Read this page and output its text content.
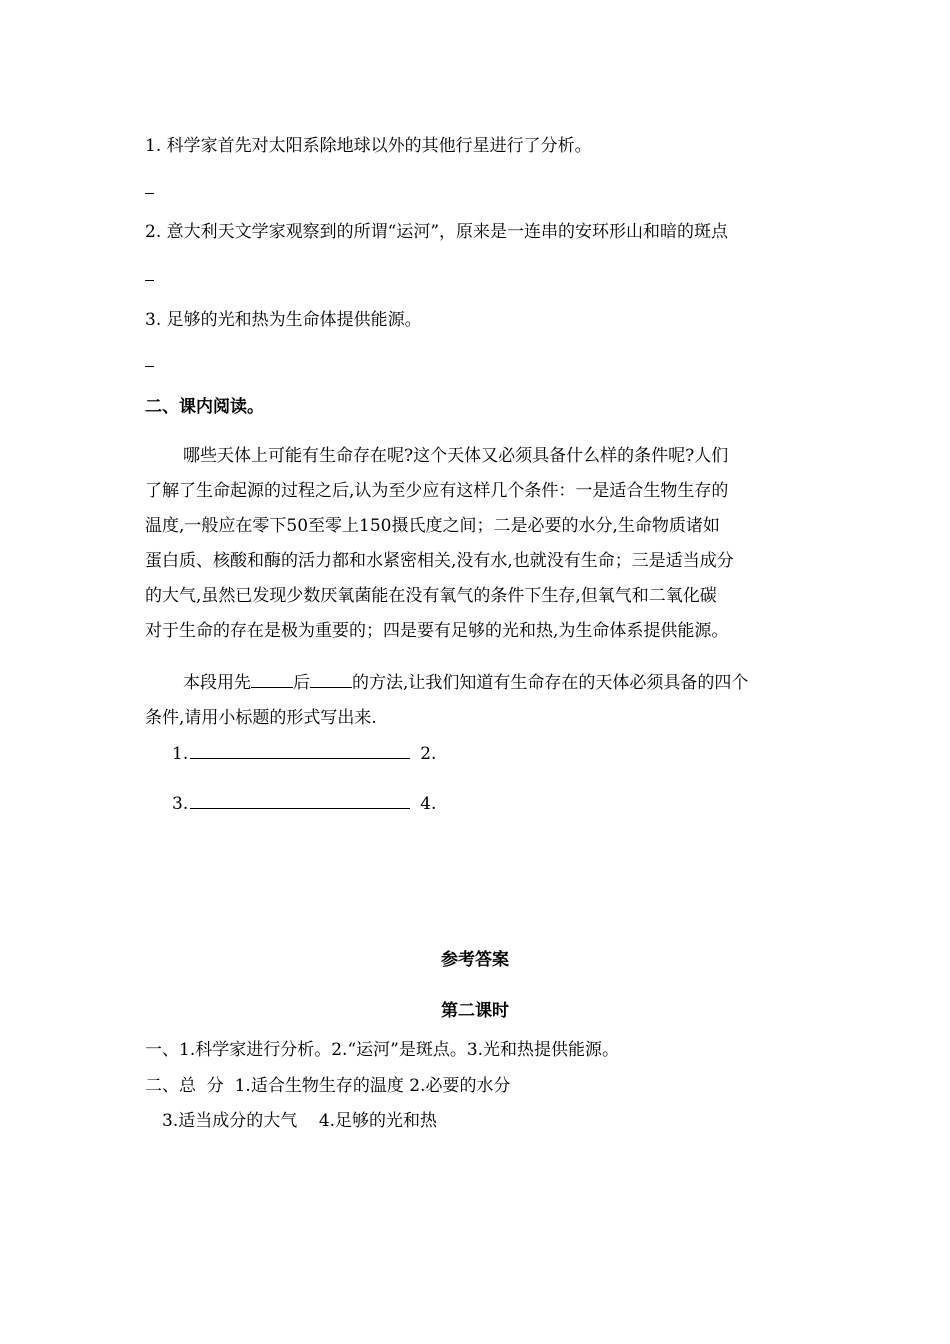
1. 科学家首先对太阳系除地球以外的其他行星进行了分析。
2. 意大利天文学家观察到的所谓“运河”，原来是一连串的安环形山和暗的斑点
3. 足够的光和热为生命体提供能源。
二、课内阅读。
哪些天体上可能有生命存在呢?这个天体又必须具备什么样的条件呢?人们
了解了生命起源的过程之后,认为至少应有这样几个条件：一是适合生物生存的
温度,一般应在零下50至零上150摄氏度之间；二是必要的水分,生命物质诸如
蛋白质、核酸和酶的活力都和水紧密相关,没有水,也就没有生命；三是适当成分
的大气,虽然已发现少数厌氧菌能在没有氧气的条件下生存,但氧气和二氧化碳
对于生命的存在是极为重要的；四是要有足够的光和热,为生命体系提供能源。
本段用先 后 的方法,让我们知道有生命存在的天体必须具备的四个
条件,请用小标题的形式写出来.
1.	2.
3.	4.
参考答案
第二课时
一、1.科学家进行分析。2.“运河”是斑点。3.光和热提供能源。
二、总  分  1.适合生物生存的温度 2.必要的水分
3.适当成分的大气    4.足够的光和热
